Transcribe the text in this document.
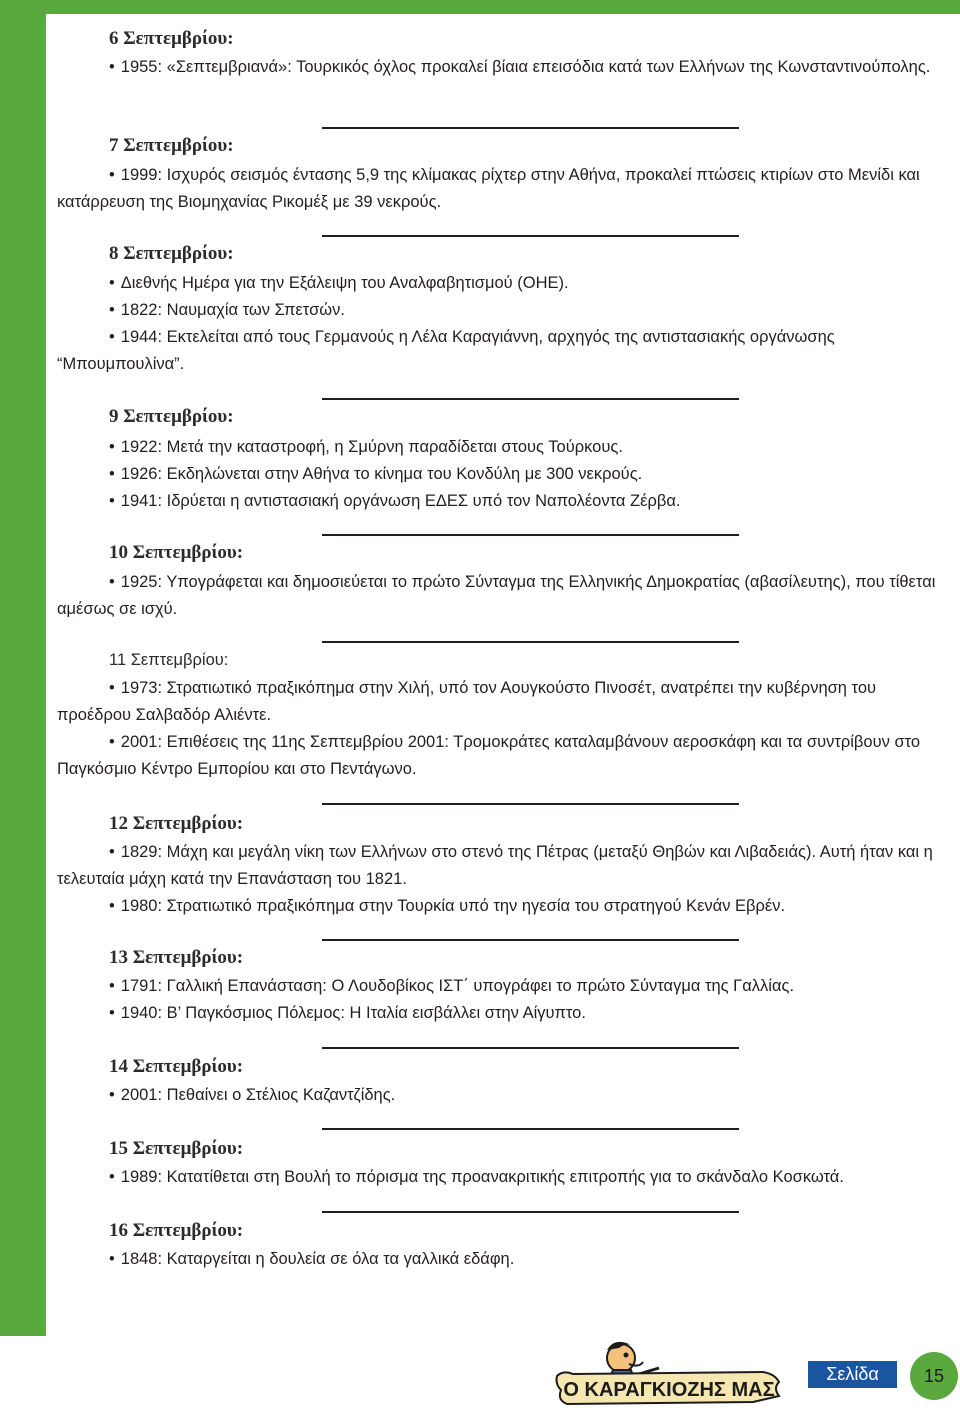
6 Σεπτεμβρίου:
• 1955: «Σεπτεμβριανά»: Τουρκικός όχλος προκαλεί βίαια επεισόδια κατά των Ελλήνων της Κωνσταντινούπολης.
7 Σεπτεμβρίου:
• 1999: Ισχυρός σεισμός έντασης 5,9 της κλίμακας ρίχτερ στην Αθήνα, προκαλεί πτώσεις κτιρίων στο Μενίδι και κατάρρευση της Βιομηχανίας Ρικομέξ με 39 νεκρούς.
8 Σεπτεμβρίου:
• Διεθνής Ημέρα για την Εξάλειψη του Αναλφαβητισμού (ΟΗΕ).
• 1822: Ναυμαχία των Σπετσών.
• 1944: Εκτελείται από τους Γερμανούς η Λέλα Καραγιάννη, αρχηγός της αντιστασιακής οργάνωσης “Μπουμπουλίνα”.
9 Σεπτεμβρίου:
• 1922: Μετά την καταστροφή, η Σμύρνη παραδίδεται στους Τούρκους.
• 1926: Εκδηλώνεται στην Αθήνα το κίνημα του Κονδύλη με 300 νεκρούς.
• 1941: Ιδρύεται η αντιστασιακή οργάνωση ΕΔΕΣ υπό τον Ναπολέοντα Ζέρβα.
10 Σεπτεμβρίου:
• 1925: Υπογράφεται και δημοσιεύεται το πρώτο Σύνταγμα της Ελληνικής Δημοκρατίας (αβασίλευτης), που τίθεται αμέσως σε ισχύ.
11 Σεπτεμβρίου:
• 1973: Στρατιωτικό πραξικόπημα στην Χιλή, υπό τον Αουγκούστο Πινοσέτ, ανατρέπει την κυβέρνηση του προέδρου Σαλβαδόρ Αλιέντε.
• 2001: Επιθέσεις της 11ης Σεπτεμβρίου 2001: Τρομοκράτες καταλαμβάνουν αεροσκάφη και τα συντρίβουν στο Παγκόσμιο Κέντρο Εμπορίου και στο Πεντάγωνο.
12 Σεπτεμβρίου:
• 1829: Μάχη και μεγάλη νίκη των Ελλήνων στο στενό της Πέτρας (μεταξύ Θηβών και Λιβαδειάς). Αυτή ήταν και η τελευταία μάχη κατά την Επανάσταση του 1821.
• 1980: Στρατιωτικό πραξικόπημα στην Τουρκία υπό την ηγεσία του στρατηγού Κενάν Εβρέν.
13 Σεπτεμβρίου:
• 1791: Γαλλική Επανάσταση: Ο Λουδοβίκος ΙΣΤ΄ υπογράφει το πρώτο Σύνταγμα της Γαλλίας.
• 1940: Β’ Παγκόσμιος Πόλεμος: Η Ιταλία εισβάλλει στην Αίγυπτο.
14 Σεπτεμβρίου:
• 2001: Πεθαίνει ο Στέλιος Καζαντζίδης.
15 Σεπτεμβρίου:
• 1989: Κατατίθεται στη Βουλή το πόρισμα της προανακριτικής επιτροπής για το σκάνδαλο Κοσκωτά.
16 Σεπτεμβρίου:
• 1848: Καταργείται η δουλεία σε όλα τα γαλλικά εδάφη.
Ο ΚΑΡΑΓΚΙΟΖΗΣ ΜΑΣ
Σελίδα	15
